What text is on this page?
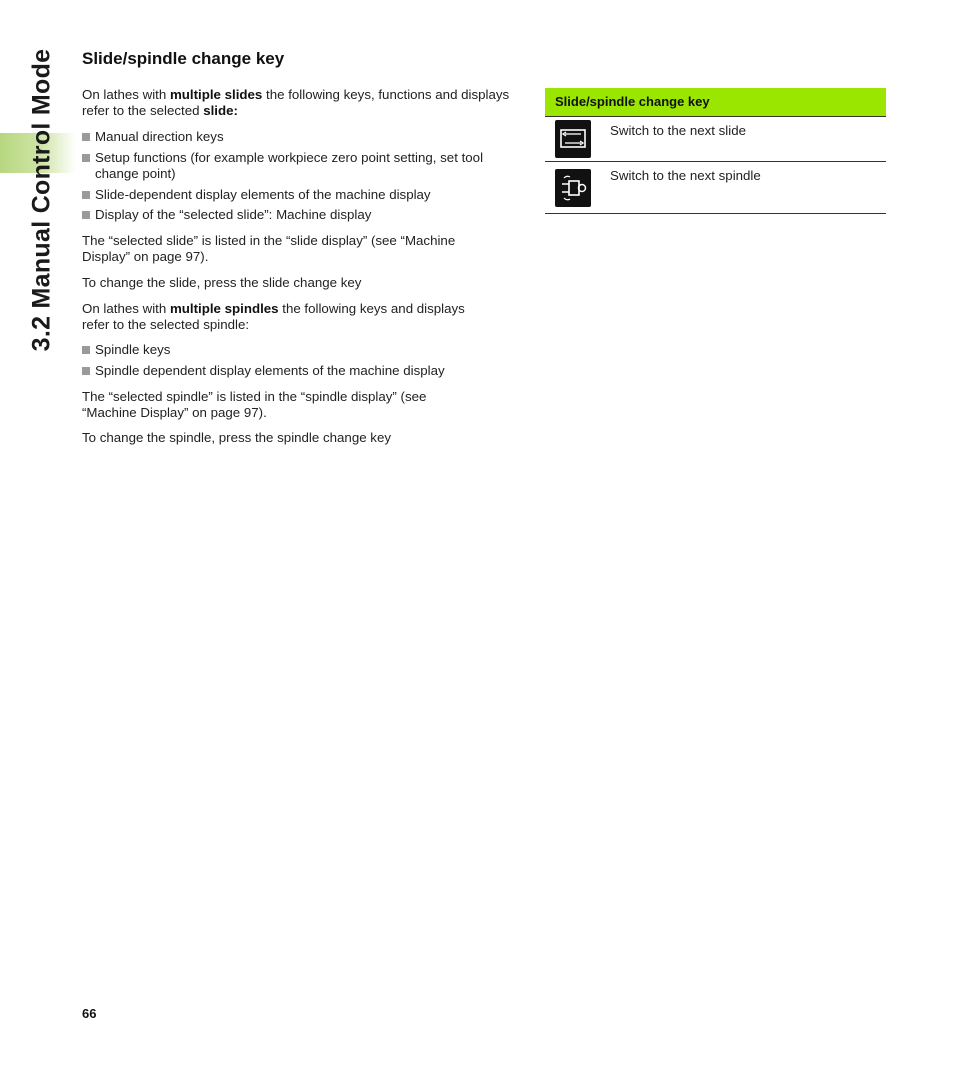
3.2 Manual Control Mode Slide/spindle change key
On lathes with multiple slides the following keys, functions and displays refer to the selected slide:
Manual direction keys
Setup functions (for example workpiece zero point setting, set tool
change point)
Slide-dependent display elements of the machine display
Display of the “selected slide”: Machine display
The “selected slide” is listed in the “slide display” (see “Machine
Display” on page 97).
To change the slide, press the slide change key
On lathes with multiple spindles the following keys and displays
refer to the selected spindle:
Spindle keys
Spindle dependent display elements of the machine display
The “selected spindle” is listed in the “spindle display” (see
“Machine Display” on page 97).
To change the spindle, press the spindle change key
Slide/spindle change key
Switch to the next slide
Switch to the next spindle
66
